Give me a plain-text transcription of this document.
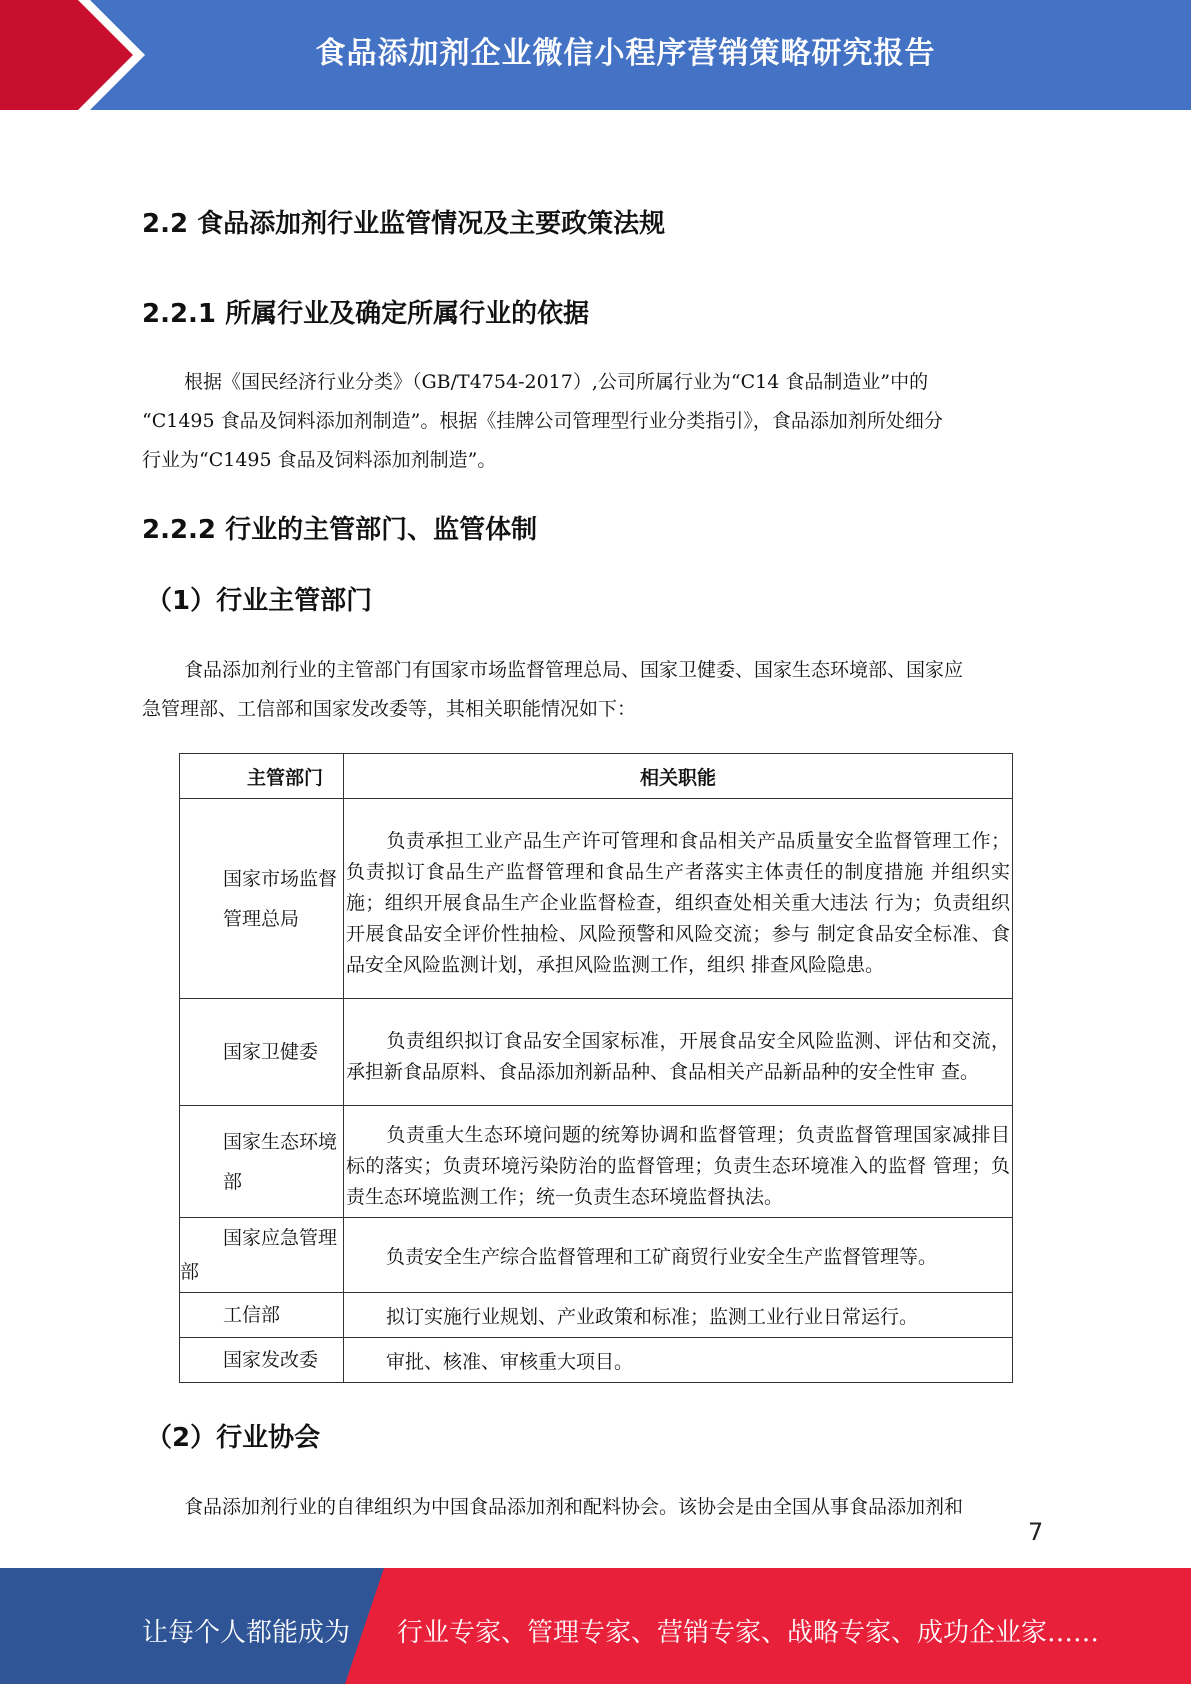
食品添加剂企业微信小程序营销策略研究报告
2.2 食品添加剂行业监管情况及主要政策法规
2.2.1 所属行业及确定所属行业的依据
根据《国民经济行业分类》（GB/T4754-2017）,公司所属行业为“C14 食品制造业”中的
“C1495 食品及饲料添加剂制造”。根据《挂牌公司管理型行业分类指引》，食品添加剂所处细分
行业为“C1495 食品及饲料添加剂制造”。
2.2.2 行业的主管部门、监管体制
（1）行业主管部门
食品添加剂行业的主管部门有国家市场监督管理总局、国家卫健委、国家生态环境部、国家应
急管理部、工信部和国家发改委等，其相关职能情况如下：
主管部门	相关职能

国家市场监督
管理总局	负责承担工业产品生产许可管理和食品相关产品质量安全监督管理工作；负责拟订食品生产监督管理和食品生产者落实主体责任的制度措施 并组织实施；组织开展食品生产企业监督检查，组织查处相关重大违法 行为；负责组织开展食品安全评价性抽检、风险预警和风险交流；参与 制定食品安全标准、食品安全风险监测计划，承担风险监测工作，组织 排查风险隐患。

国家卫健委	负责组织拟订食品安全国家标准，开展食品安全风险监测、评估和交流，承担新食品原料、食品添加剂新品种、食品相关产品新品种的安全性审 查。

国家生态环境
部	负责重大生态环境问题的统筹协调和监督管理；负责监督管理国家减排目标的落实；负责环境污染防治的监督管理；负责生态环境准入的监督 管理；负责生态环境监测工作；统一负责生态环境监督执法。

国家应急管理
部	负责安全生产综合监督管理和工矿商贸行业安全生产监督管理等。

工信部	拟订实施行业规划、产业政策和标准；监测工业行业日常运行。

国家发改委	审批、核准、审核重大项目。
（2）行业协会
食品添加剂行业的自律组织为中国食品添加剂和配料协会。该协会是由全国从事食品添加剂和
7
让每个人都能成为 行业专家、管理专家、营销专家、战略专家、成功企业家……
